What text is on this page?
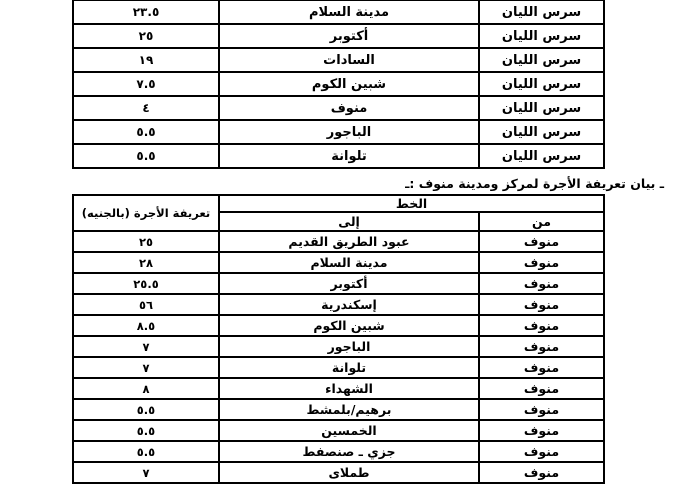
سرس الليان	مدينة السلام	٢٣.٥
سرس الليان	أكتوبر	٢٥
سرس الليان	السادات	١٩
سرس الليان	شبين الكوم	٧.٥
سرس الليان	منوف	٤
سرس الليان	الباجور	٥.٥
سرس الليان	تلوانة	٥.٥
ـ بيان تعريفة الأجرة لمركز ومدينة منوف :ـ
الخط		تعريفة الأجرة (بالجنيه)
من	إلى	
منوف	عبود الطريق القديم	٢٥
منوف	مدينة السلام	٢٨
منوف	أكتوبر	٢٥.٥
منوف	إسكندرية	٥٦
منوف	شبين الكوم	٨.٥
منوف	الباجور	٧
منوف	تلوانة	٧
منوف	الشهداء	٨
منوف	برهيم/بلمشط	٥.٥
منوف	الخمسين	٥.٥
منوف	جزي ـ صنصفط	٥.٥
منوف	طملاى	٧
